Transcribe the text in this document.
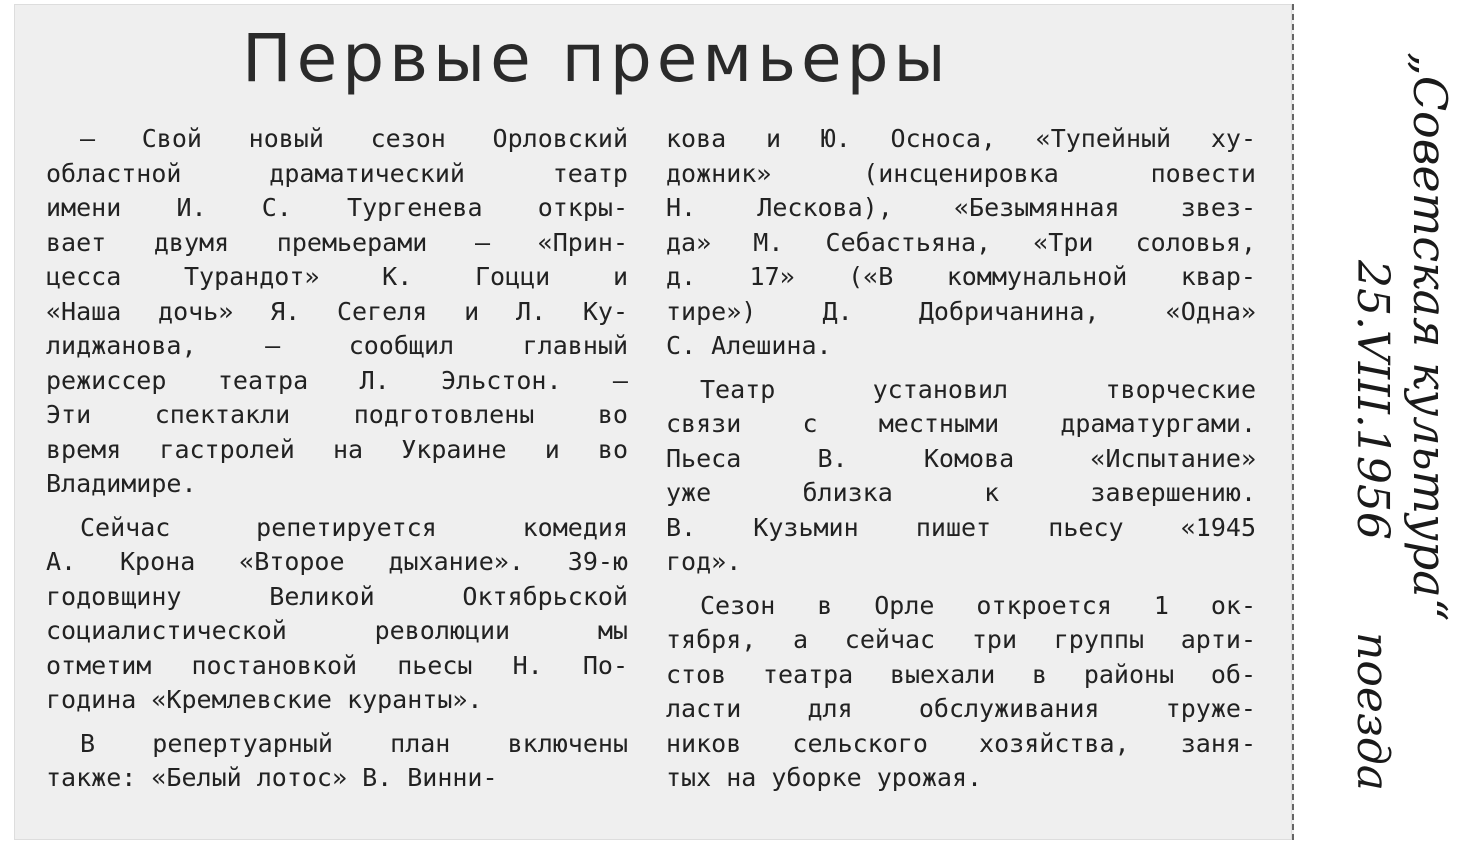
Первые премьеры

— Свой новый сезон Орловский
областной драматический театр
имени И. С. Тургенева откры-
вает двумя премьерами — «Прин-
цесса Турандот» К. Гоцци и
«Наша дочь» Я. Сегеля и Л. Ку-
лиджанова, — сообщил главный
режиссер театра Л. Эльстон. —
Эти спектакли подготовлены во
время гастролей на Украине и во
Владимире.

Сейчас репетируется комедия
А. Крона «Второе дыхание». 39-ю
годовщину Великой Октябрьской
социалистической революции мы
отметим постановкой пьесы Н. По-
година «Кремлевские куранты».

В репертуарный план включены
также: «Белый лотос» В. Винни-

кова и Ю. Осноса, «Тупейный ху-
дожник» (инсценировка повести
Н. Лескова), «Безымянная звез-
да» М. Себастьяна, «Три соловья,
д. 17» («В коммунальной квар-
тире») Д. Добричанина, «Одна»
С. Алешина.

Театр установил творческие
связи с местными драматургами.
Пьеса В. Комова «Испытание»
уже близка к завершению.
В. Кузьмин пишет пьесу «1945
год».

Сезон в Орле откроется 1 ок-
тября, а сейчас три группы арти-
стов театра выехали в районы об-
ласти для обслуживания труже-
ников сельского хозяйства, заня-
тых на уборке урожая.

„Советская культура“
25.VIII.1956
поезда
